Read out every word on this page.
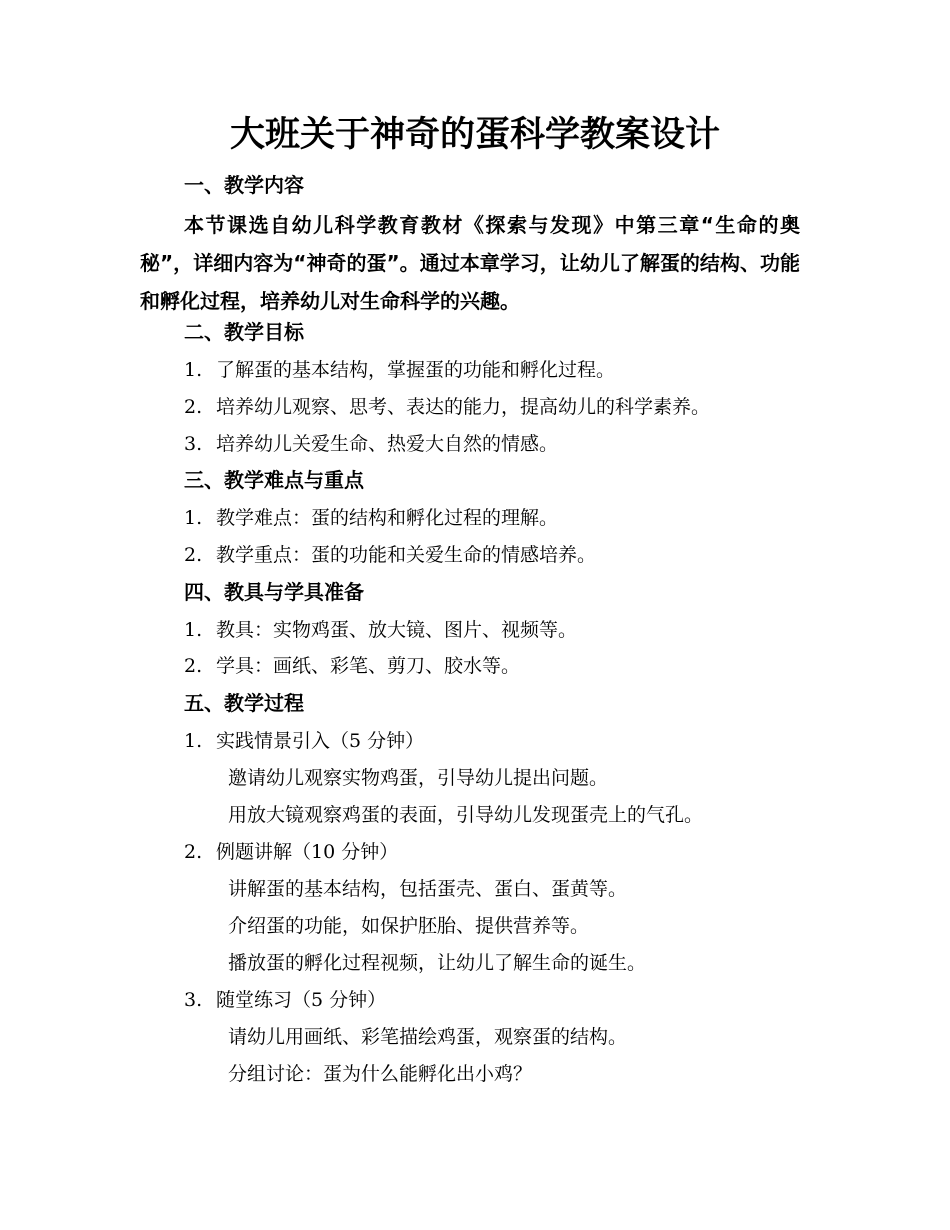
大班关于神奇的蛋科学教案设计
一、教学内容

本节课选自幼儿科学教育教材《探索与发现》中第三章“生命的奥秘”，详细内容为“神奇的蛋”。通过本章学习，让幼儿了解蛋的结构、功能和孵化过程，培养幼儿对生命科学的兴趣。

二、教学目标
1. 了解蛋的基本结构，掌握蛋的功能和孵化过程。
2. 培养幼儿观察、思考、表达的能力，提高幼儿的科学素养。
3. 培养幼儿关爱生命、热爱大自然的情感。
三、教学难点与重点
1. 教学难点：蛋的结构和孵化过程的理解。
2. 教学重点：蛋的功能和关爱生命的情感培养。
四、教具与学具准备
1. 教具：实物鸡蛋、放大镜、图片、视频等。
2. 学具：画纸、彩笔、剪刀、胶水等。
五、教学过程
1. 实践情景引入（5 分钟）
邀请幼儿观察实物鸡蛋，引导幼儿提出问题。
用放大镜观察鸡蛋的表面，引导幼儿发现蛋壳上的气孔。
2. 例题讲解（10 分钟）
讲解蛋的基本结构，包括蛋壳、蛋白、蛋黄等。
介绍蛋的功能，如保护胚胎、提供营养等。
播放蛋的孵化过程视频，让幼儿了解生命的诞生。
3. 随堂练习（5 分钟）
请幼儿用画纸、彩笔描绘鸡蛋，观察蛋的结构。
分组讨论：蛋为什么能孵化出小鸡？
